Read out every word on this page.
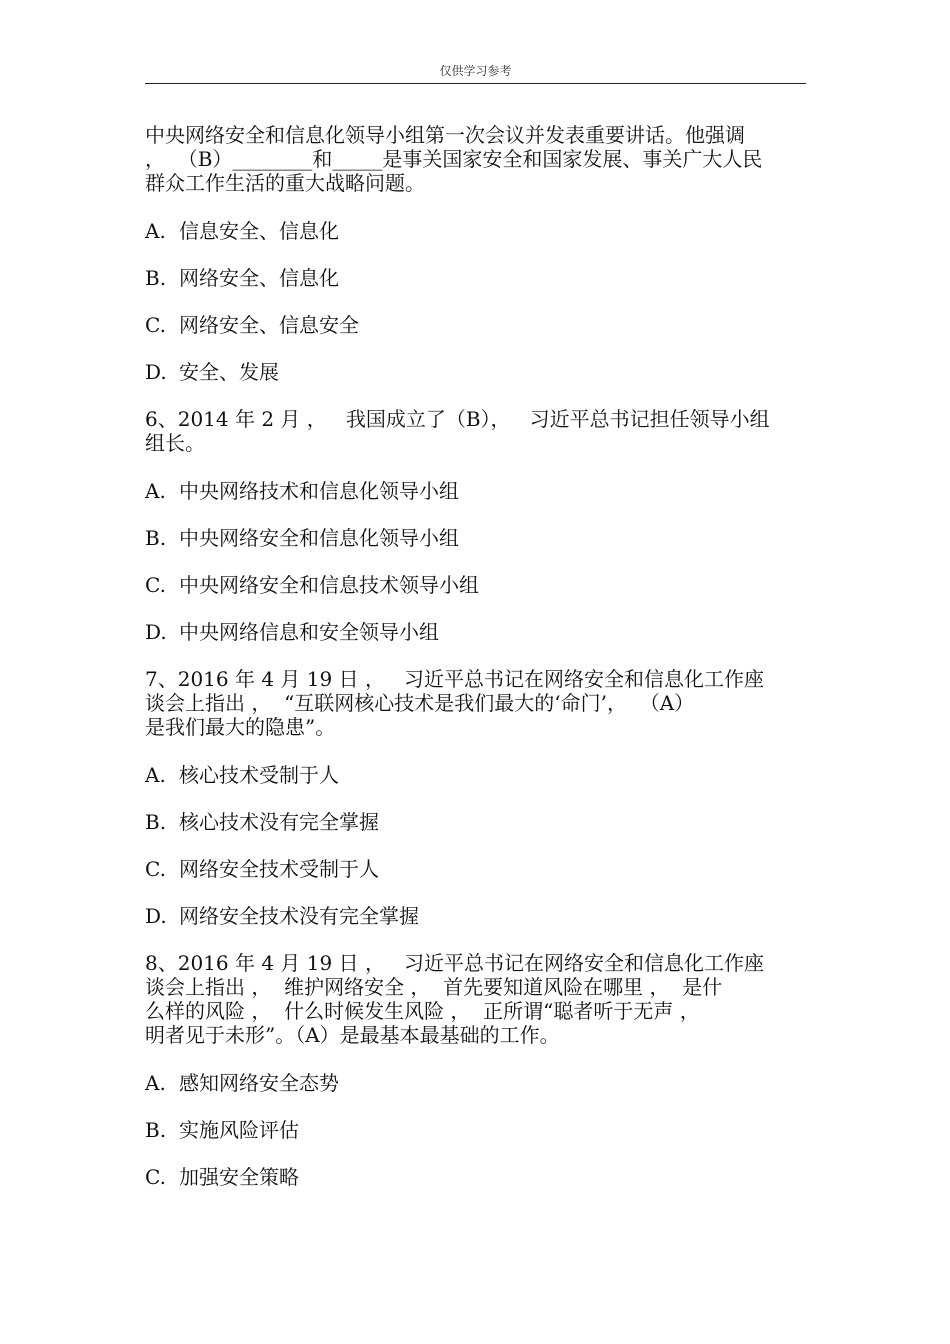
仅供学习参考
中央网络安全和信息化领导小组第一次会议并发表重要讲话。他强调
，  （B）________和_____是事关国家安全和国家发展、事关广大人民
群众工作生活的重大战略问题。
A. 信息安全、信息化
B. 网络安全、信息化
C. 网络安全、信息安全
D. 安全、发展
6、2014 年 2 月 ，   我国成立了（B），   习近平总书记担任领导小组
组长。
A. 中央网络技术和信息化领导小组
B. 中央网络安全和信息化领导小组
C. 中央网络安全和信息技术领导小组
D. 中央网络信息和安全领导小组
7、2016 年 4 月 19 日 ，   习近平总书记在网络安全和信息化工作座
谈会上指出 ，  “互联网核心技术是我们最大的‘命门’，  （A）
是我们最大的隐患”。
A. 核心技术受制于人
B. 核心技术没有完全掌握
C. 网络安全技术受制于人
D. 网络安全技术没有完全掌握
8、2016 年 4 月 19 日 ，   习近平总书记在网络安全和信息化工作座
谈会上指出 ，  维护网络安全 ，  首先要知道风险在哪里 ，  是什
么样的风险 ，  什么时候发生风险 ，  正所谓“聪者听于无声 ，
明者见于未形”。（A）是最基本最基础的工作。
A. 感知网络安全态势
B. 实施风险评估
C. 加强安全策略
